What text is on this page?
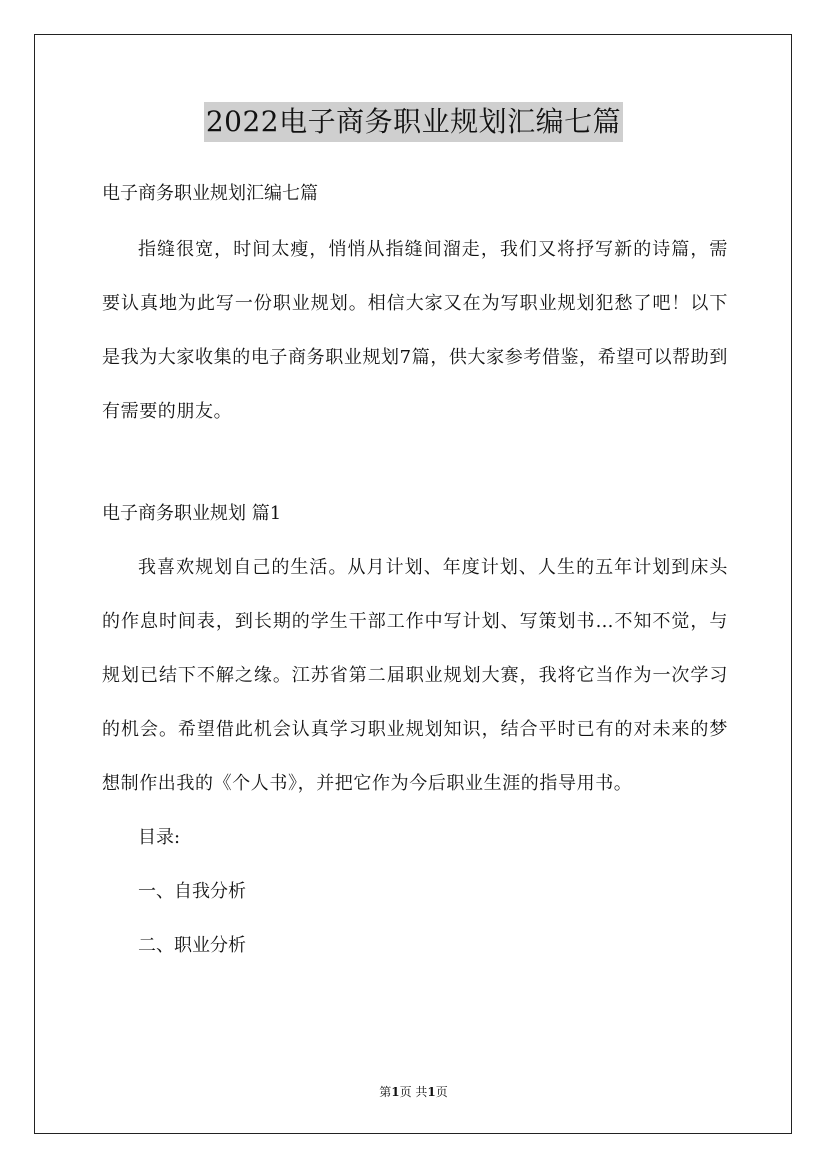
2022电子商务职业规划汇编七篇

电子商务职业规划汇编七篇

指缝很宽，时间太瘦，悄悄从指缝间溜走，我们又将抒写新的诗篇，需要认真地为此写一份职业规划。相信大家又在为写职业规划犯愁了吧！以下是我为大家收集的电子商务职业规划7篇，供大家参考借鉴，希望可以帮助到有需要的朋友。

电子商务职业规划 篇1

我喜欢规划自己的生活。从月计划、年度计划、人生的五年计划到床头的作息时间表，到长期的学生干部工作中写计划、写策划书…不知不觉，与规划已结下不解之缘。江苏省第二届职业规划大赛，我将它当作为一次学习的机会。希望借此机会认真学习职业规划知识，结合平时已有的对未来的梦想制作出我的《个人书》，并把它作为今后职业生涯的指导用书。

目录:

一、自我分析

二、职业分析

第1页 共1页
